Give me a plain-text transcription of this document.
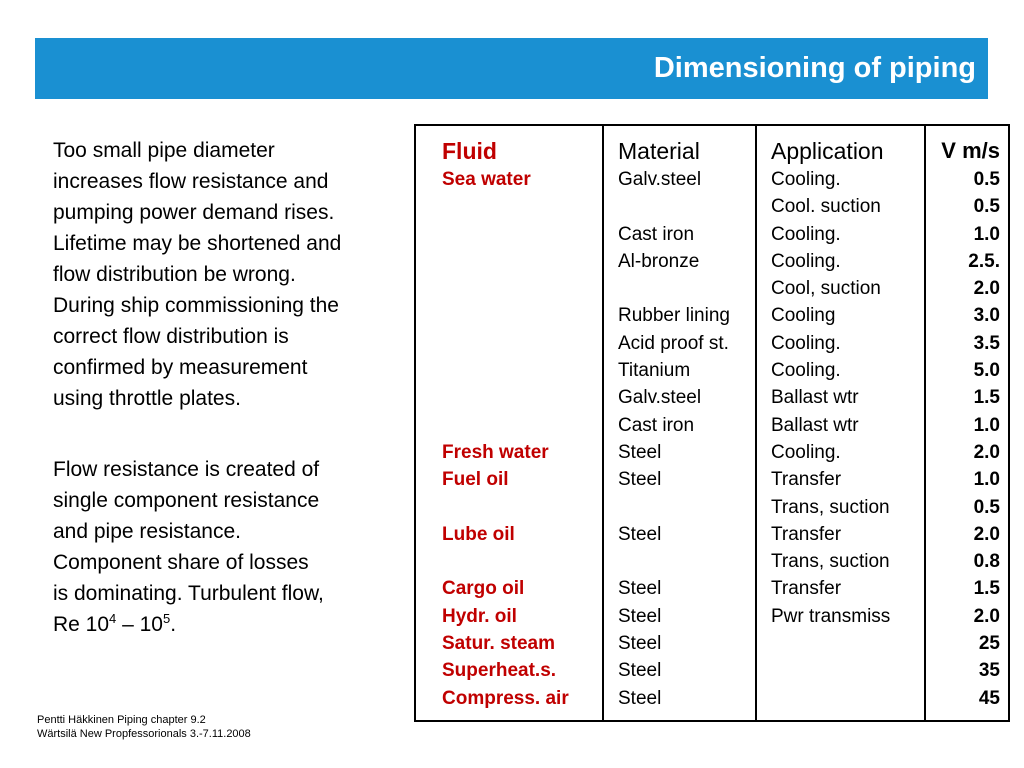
Dimensioning of piping
Too small pipe diameter
increases flow resistance and
pumping power demand rises.
Lifetime may be shortened and
flow distribution be wrong.
During ship commissioning the
correct flow distribution is
confirmed by measurement
using throttle plates.
Flow resistance is created of
single component resistance
and pipe resistance.
Component share of losses
is dominating. Turbulent flow,
Re $10^4 - 10^5$.
Fluid
Sea water
Fresh water
Fuel oil
Lube oil
Cargo oil
Hydr. oil
Satur. steam
Superheat.s.
Compress. air
Material
Galv.steel
Cast iron
Al-bronze
Rubber lining
Acid proof st.
Titanium
Galv.steel
Cast iron
Steel
Steel
Steel
Steel
Steel
Steel
Steel
Steel
Application
Cooling.
Cool. suction
Cooling.
Cooling.
Cool, suction
Cooling
Cooling.
Cooling.
Ballast wtr
Ballast wtr
Cooling.
Transfer
Trans, suction
Transfer
Trans, suction
Transfer
Pwr transmiss
V m/s
0.5
0.5
1.0
2.5.
2.0
3.0
3.5
5.0
1.5
1.0
2.0
1.0
0.5
2.0
0.8
1.5
2.0
25
35
45
Pentti Häkkinen Piping chapter 9.2
Wärtsilä New Propfessorionals 3.-7.11.2008
